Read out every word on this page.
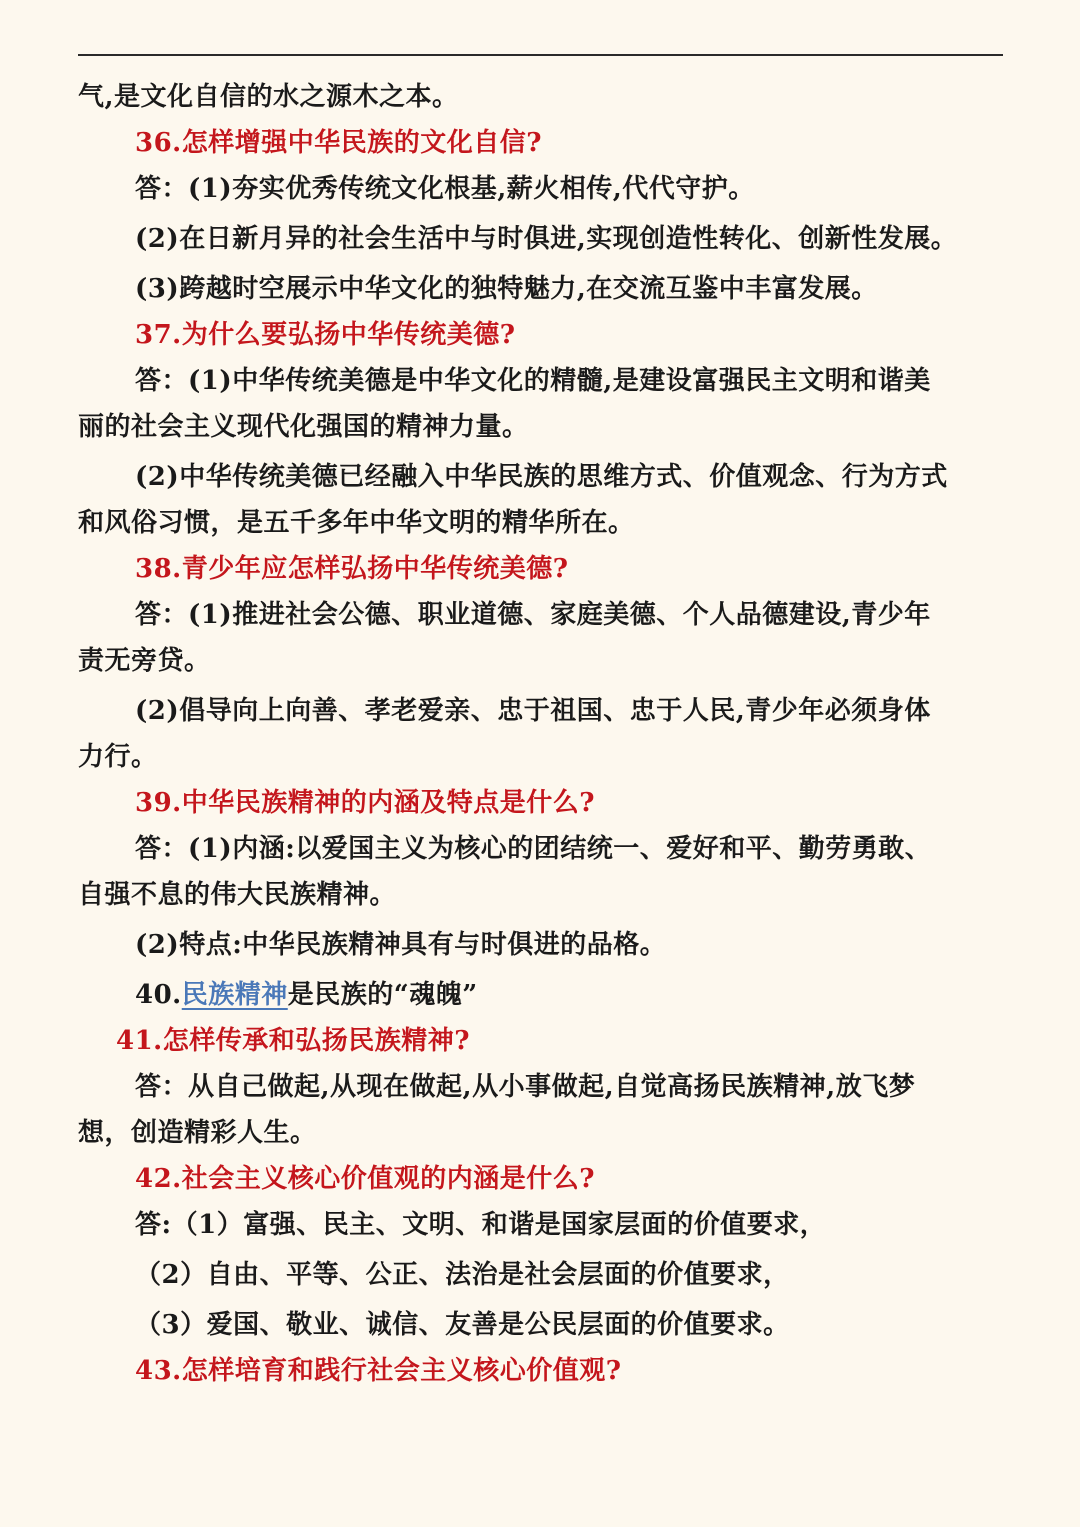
气,是文化自信的水之源木之本。
36.怎样增强中华民族的文化自信?
答：(1)夯实优秀传统文化根基,薪火相传,代代守护。
(2)在日新月异的社会生活中与时俱进,实现创造性转化、创新性发展。
(3)跨越时空展示中华文化的独特魅力,在交流互鉴中丰富发展。
37.为什么要弘扬中华传统美德?
答：(1)中华传统美德是中华文化的精髓,是建设富强民主文明和谐美
丽的社会主义现代化强国的精神力量。
(2)中华传统美德已经融入中华民族的思维方式、价值观念、行为方式
和风俗习惯，是五千多年中华文明的精华所在。
38.青少年应怎样弘扬中华传统美德?
答：(1)推进社会公德、职业道德、家庭美德、个人品德建设,青少年
责无旁贷。
(2)倡导向上向善、孝老爱亲、忠于祖国、忠于人民,青少年必须身体
力行。
39.中华民族精神的内涵及特点是什么?
答：(1)内涵:以爱国主义为核心的团结统一、爱好和平、勤劳勇敢、
自强不息的伟大民族精神。
(2)特点:中华民族精神具有与时俱进的品格。
40.民族精神是民族的“魂魄”
41.怎样传承和弘扬民族精神?
答：从自己做起,从现在做起,从小事做起,自觉高扬民族精神,放飞梦
想，创造精彩人生。
42.社会主义核心价值观的内涵是什么?
答:（1）富强、民主、文明、和谐是国家层面的价值要求，
（2）自由、平等、公正、法治是社会层面的价值要求，
（3）爱国、敬业、诚信、友善是公民层面的价值要求。
43.怎样培育和践行社会主义核心价值观?
